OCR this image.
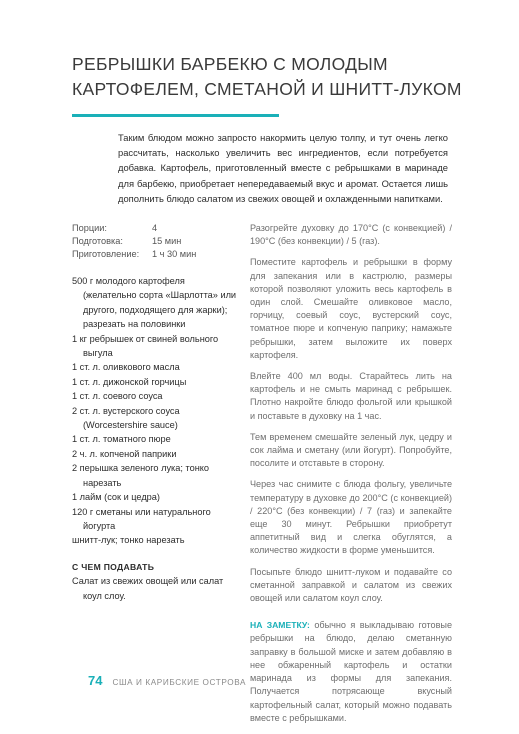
РЕБРЫШКИ БАРБЕКЮ С МОЛОДЫМ КАРТОФЕЛЕМ, СМЕТАНОЙ И ШНИТТ-ЛУКОМ

Таким блюдом можно запросто накормить целую толпу, и тут очень легко рассчитать, насколько увеличить вес ингредиентов, если потребуется добавка. Картофель, приготовленный вместе с ребрышками в маринаде для барбекю, приобретает непередаваемый вкус и аромат. Остается лишь дополнить блюдо салатом из свежих овощей и охлажденными напитками.

Порции:	4
Подготовка:	15 мин
Приготовление:	1 ч 30 мин
500 г молодого картофеля (желательно сорта «Шарлотта» или другого, подходящего для жарки); разрезать на половинки
1 кг ребрышек от свиней вольного выгула
1 ст. л. оливкового масла
1 ст. л. дижонской горчицы
1 ст. л. соевого соуса
2 ст. л. вустерского соуса (Worcestershire sauce)
1 ст. л. томатного пюре
2 ч. л. копченой паприки
2 перышка зеленого лука; тонко нарезать
1 лайм (сок и цедра)
120 г сметаны или натурального йогурта
шнитт-лук; тонко нарезать
С ЧЕМ ПОДАВАТЬ
Салат из свежих овощей или салат коул слоу.

Разогрейте духовку до 170°C (с конвекцией) / 190°C (без конвекции) / 5 (газ).

Поместите картофель и ребрышки в форму для запекания или в кастрюлю, размеры которой позволяют уложить весь картофель в один слой. Смешайте оливковое масло, горчицу, соевый соус, вустерский соус, томатное пюре и копченую паприку; намажьте ребрышки, затем выложите их поверх картофеля.

Влейте 400 мл воды. Старайтесь лить на картофель и не смыть маринад с ребрышек. Плотно накройте блюдо фольгой или крышкой и поставьте в духовку на 1 час.

Тем временем смешайте зеленый лук, цедру и сок лайма и сметану (или йогурт). Попробуйте, посолите и отставьте в сторону.

Через час снимите с блюда фольгу, увеличьте температуру в духовке до 200°C (с конвекцией) / 220°C (без конвекции) / 7 (газ) и запекайте еще 30 минут. Ребрышки приобретут аппетитный вид и слегка обуглятся, а количество жидкости в форме уменьшится.

Посыпьте блюдо шнитт-луком и подавайте со сметанной заправкой и салатом из свежих овощей или салатом коул слоу.

НА ЗАМЕТКУ: обычно я выкладываю готовые ребрышки на блюдо, делаю сметанную заправку в большой миске и затем добавляю в нее обжаренный картофель и остатки маринада из формы для запекания. Получается потрясающе вкусный картофельный салат, который можно подавать вместе с ребрышками.

74 США И КАРИБСКИЕ ОСТРОВА
